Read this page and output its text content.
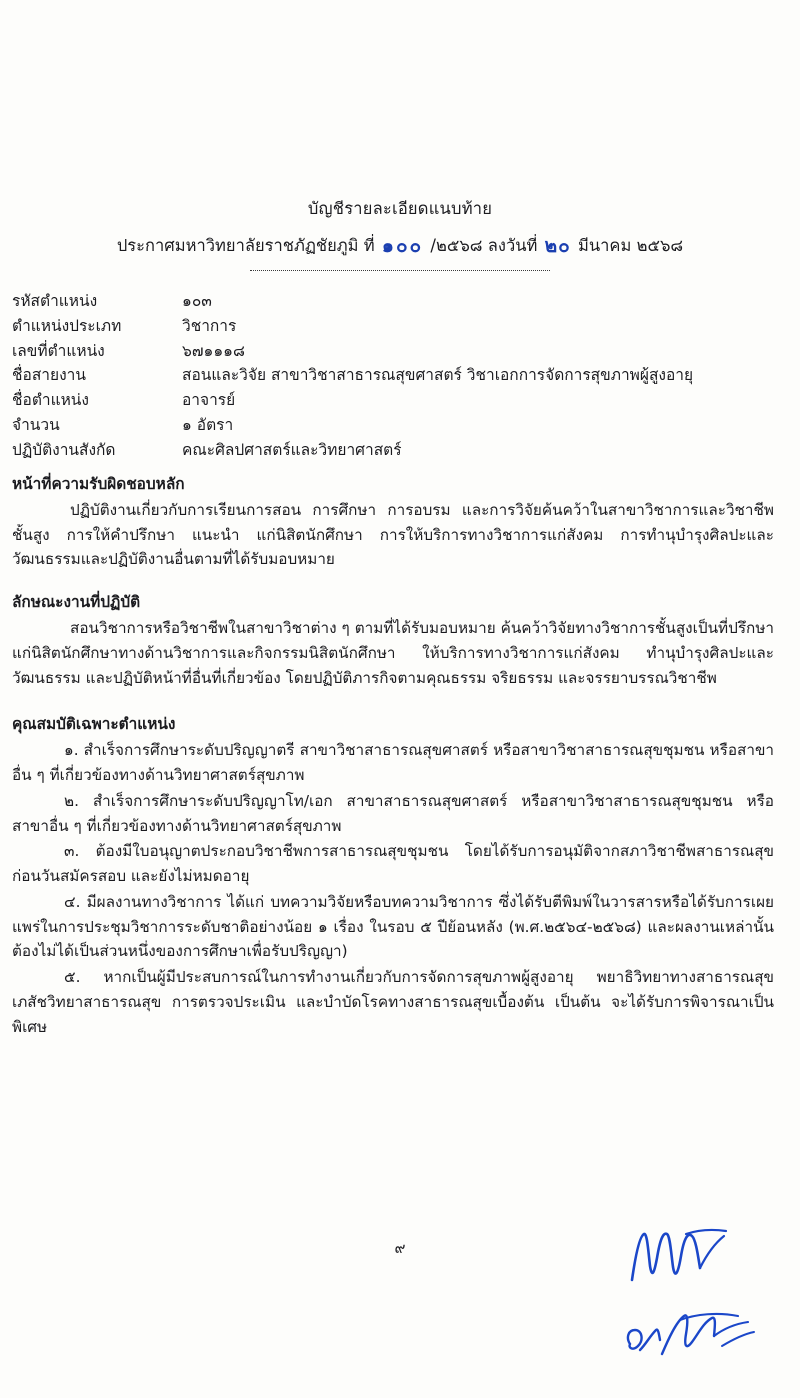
บัญชีรายละเอียดแนบท้าย
ประกาศมหาวิทยาลัยราชภัฏชัยภูมิ ที่ ๑๐๐ /๒๕๖๘ ลงวันที่ ๒๐ มีนาคม ๒๕๖๘
รหัสตำแหน่ง	๑๐๓
ตำแหน่งประเภท	วิชาการ
เลขที่ตำแหน่ง	๖๗๑๑๑๘
ชื่อสายงาน	สอนและวิจัย สาขาวิชาสาธารณสุขศาสตร์ วิชาเอกการจัดการสุขภาพผู้สูงอายุ
ชื่อตำแหน่ง	อาจารย์
จำนวน	๑ อัตรา
ปฏิบัติงานสังกัด	คณะศิลปศาสตร์และวิทยาศาสตร์
หน้าที่ความรับผิดชอบหลัก

ปฏิบัติงานเกี่ยวกับการเรียนการสอน การศึกษา การอบรม และการวิจัยค้นคว้าในสาขาวิชาการและวิชาชีพชั้นสูง การให้คำปรึกษา แนะนำ แก่นิสิตนักศึกษา การให้บริการทางวิชาการแก่สังคม การทำนุบำรุงศิลปะและวัฒนธรรมและปฏิบัติงานอื่นตามที่ได้รับมอบหมาย

ลักษณะงานที่ปฏิบัติ

สอนวิชาการหรือวิชาชีพในสาขาวิชาต่าง ๆ ตามที่ได้รับมอบหมาย ค้นคว้าวิจัยทางวิชาการชั้นสูงเป็นที่ปรึกษาแก่นิสิตนักศึกษาทางด้านวิชาการและกิจกรรมนิสิตนักศึกษา ให้บริการทางวิชาการแก่สังคม ทำนุบำรุงศิลปะและวัฒนธรรม และปฏิบัติหน้าที่อื่นที่เกี่ยวข้อง โดยปฏิบัติภารกิจตามคุณธรรม จริยธรรม และจรรยาบรรณวิชาชีพ

คุณสมบัติเฉพาะตำแหน่ง

๑. สำเร็จการศึกษาระดับปริญญาตรี สาขาวิชาสาธารณสุขศาสตร์ หรือสาขาวิชาสาธารณสุขชุมชน หรือสาขาอื่น ๆ ที่เกี่ยวข้องทางด้านวิทยาศาสตร์สุขภาพ

๒. สำเร็จการศึกษาระดับปริญญาโท/เอก สาขาสาธารณสุขศาสตร์ หรือสาขาวิชาสาธารณสุขชุมชน หรือสาขาอื่น ๆ ที่เกี่ยวข้องทางด้านวิทยาศาสตร์สุขภาพ

๓. ต้องมีใบอนุญาตประกอบวิชาชีพการสาธารณสุขชุมชน โดยได้รับการอนุมัติจากสภาวิชาชีพสาธารณสุขก่อนวันสมัครสอบ และยังไม่หมดอายุ

๔. มีผลงานทางวิชาการ ได้แก่ บทความวิจัยหรือบทความวิชาการ ซึ่งได้รับตีพิมพ์ในวารสารหรือได้รับการเผยแพร่ในการประชุมวิชาการระดับชาติอย่างน้อย ๑ เรื่อง ในรอบ ๕ ปีย้อนหลัง (พ.ศ.๒๕๖๔-๒๕๖๘) และผลงานเหล่านั้น ต้องไม่ได้เป็นส่วนหนึ่งของการศึกษาเพื่อรับปริญญา)

๕. หากเป็นผู้มีประสบการณ์ในการทำงานเกี่ยวกับการจัดการสุขภาพผู้สูงอายุ พยาธิวิทยาทางสาธารณสุข เภสัชวิทยาสาธารณสุข การตรวจประเมิน และบำบัดโรคทางสาธารณสุขเบื้องต้น เป็นต้น จะได้รับการพิจารณาเป็นพิเศษ

๙
